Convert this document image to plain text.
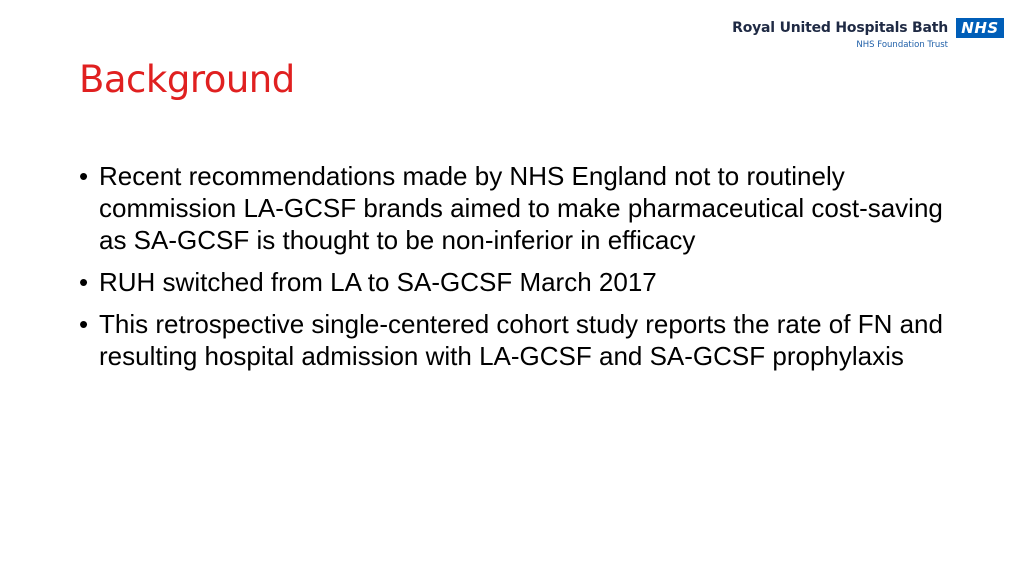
Royal United Hospitals Bath
NHS Foundation Trust
NHS
Background
• Recent recommendations made by NHS England not to routinely commission LA-GCSF brands aimed to make pharmaceutical cost-saving as SA-GCSF is thought to be non-inferior in efficacy
• RUH switched from LA to SA-GCSF March 2017
• This retrospective single-centered cohort study reports the rate of FN and resulting hospital admission with LA-GCSF and SA-GCSF prophylaxis
